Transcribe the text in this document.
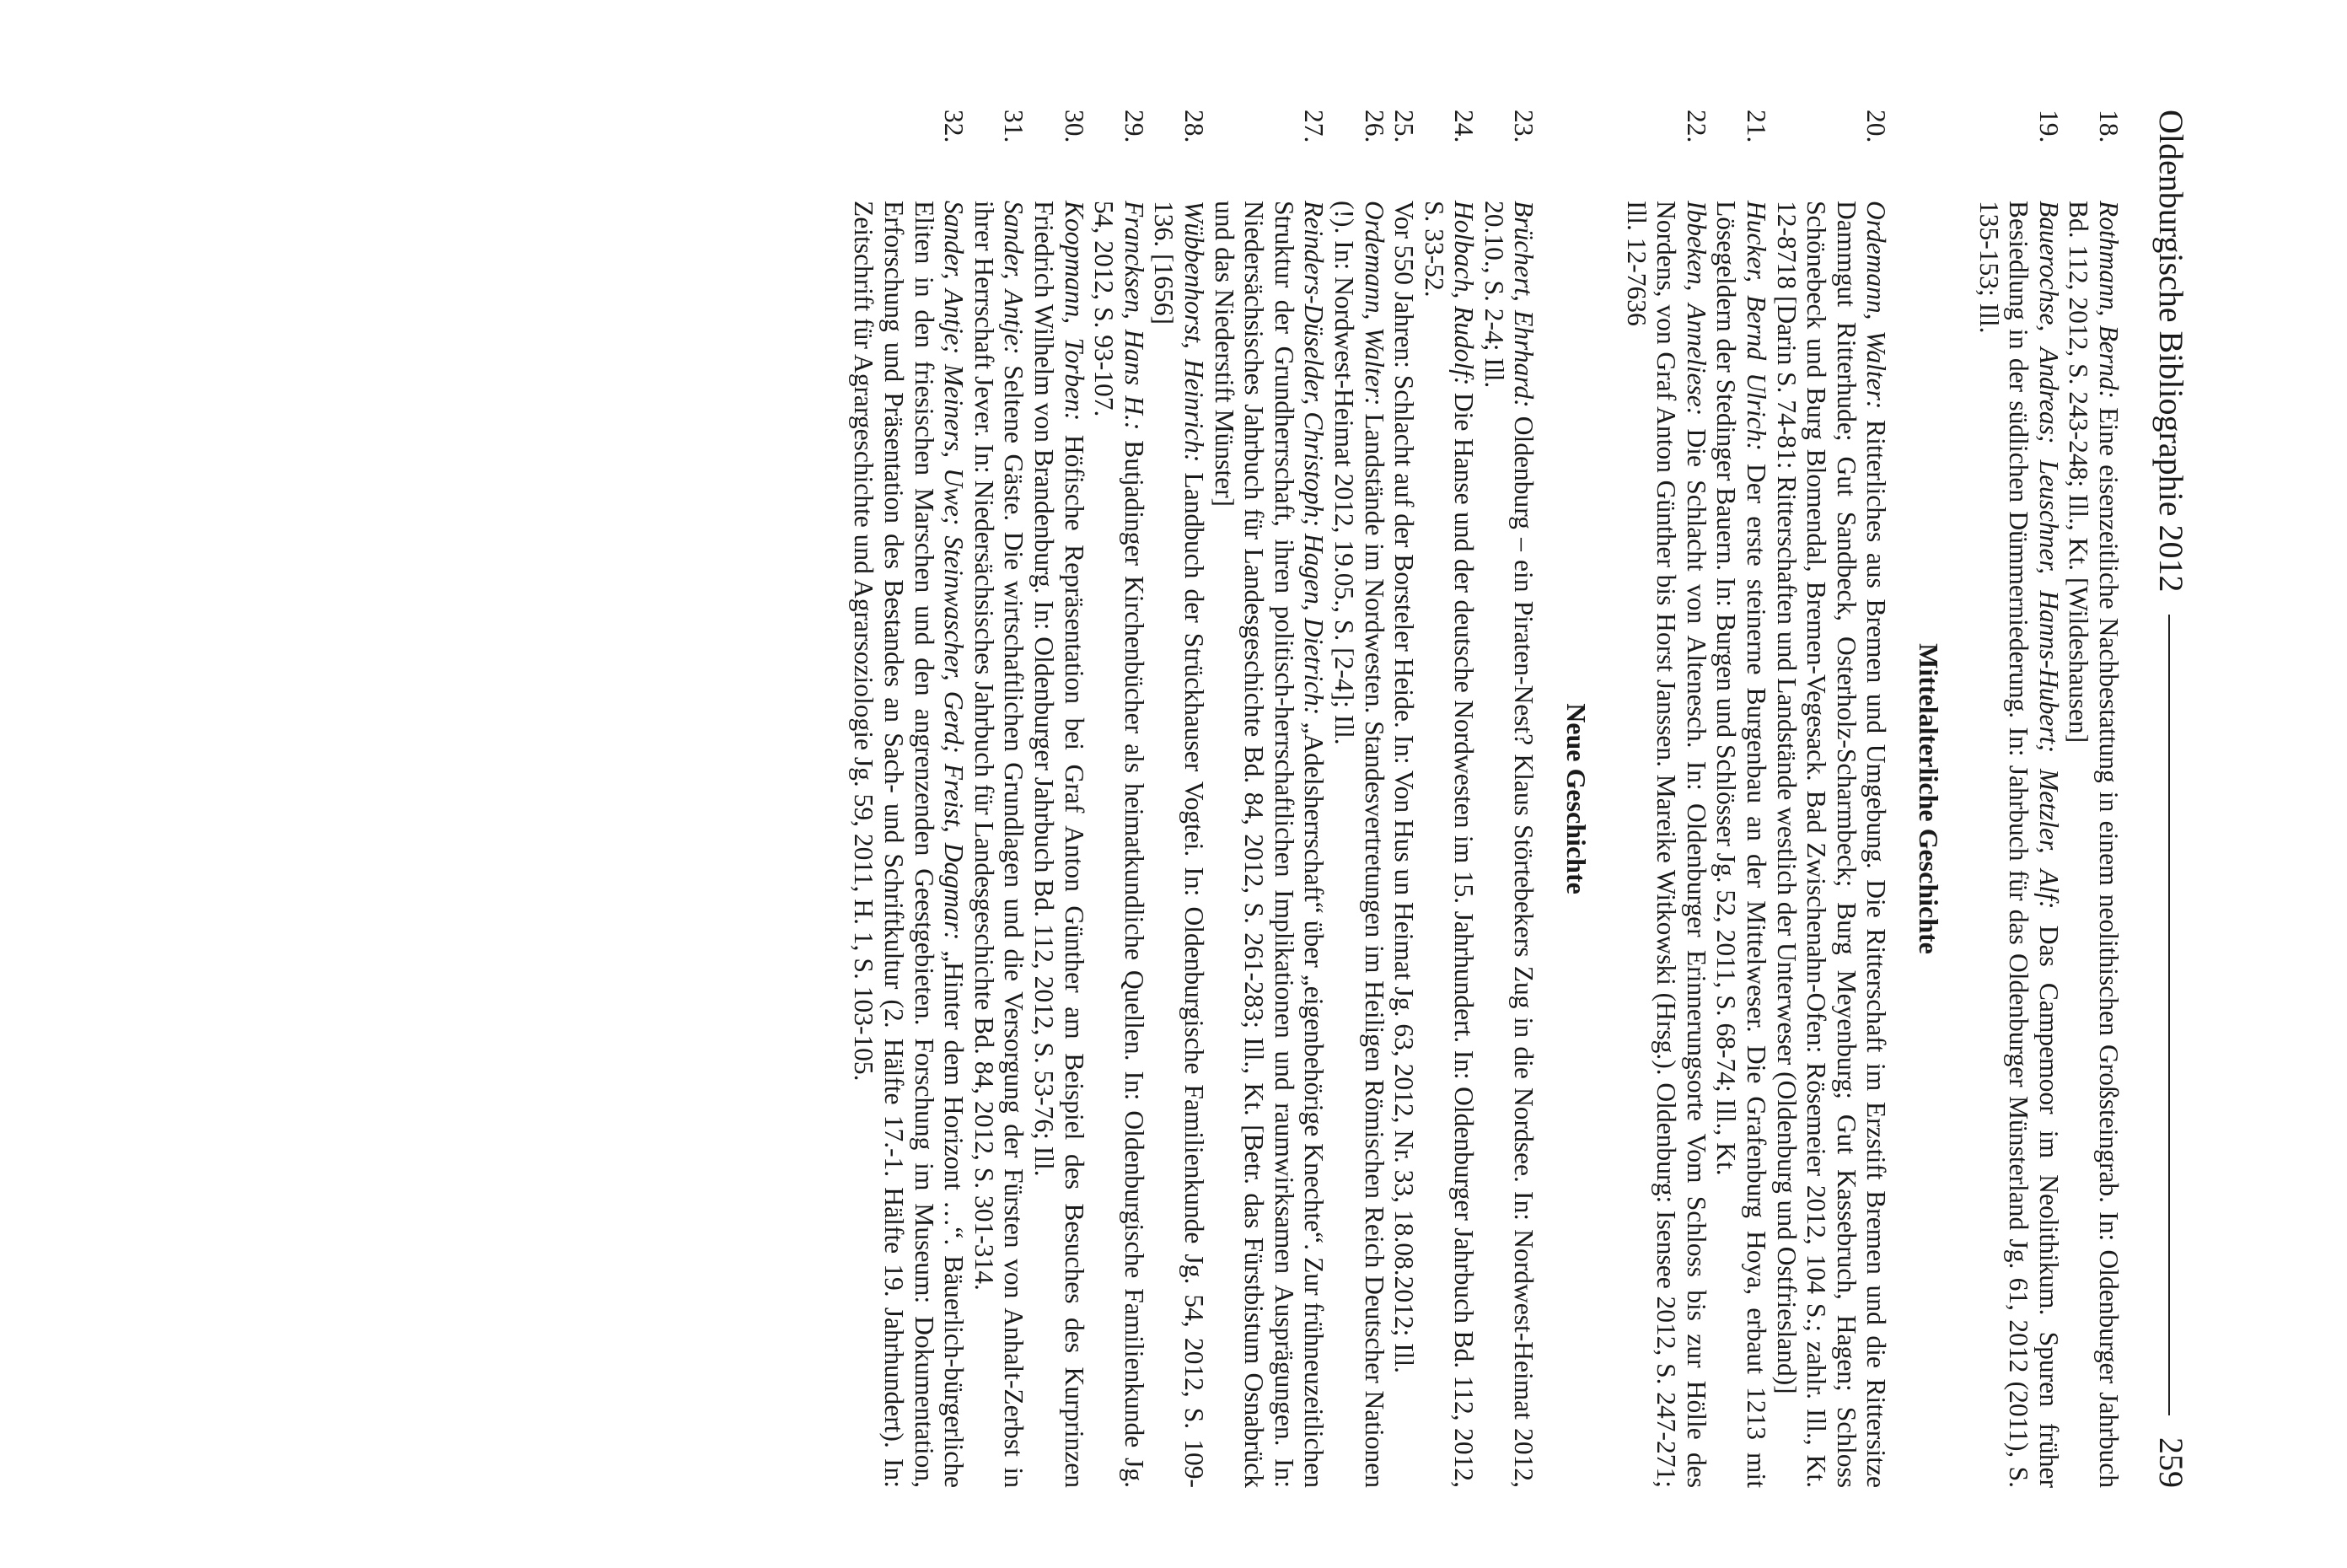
Oldenburgische Bibliographie 2012
259
18.
Rothmann, Bernd: Eine eisenzeitliche Nachbestattung in einem neolithischen Großsteingrab. In: Oldenburger Jahrbuch Bd. 112, 2012, S. 243-248; Ill., Kt. [Wildeshausen]
19.
Bauerochse, Andreas; Leuschner, Hanns-Hubert; Metzler, Alf: Das Campemoor im Neolithikum. Spuren früher Besiedlung in der südlichen Dümmerniederung. In: Jahrbuch für das Oldenburger Münsterland Jg. 61, 2012 (2011), S. 135-153; Ill.
Mittelalterliche Geschichte
20.
Ordemann, Walter: Ritterliches aus Bremen und Umgebung. Die Ritterschaft im Erzstift Bremen und die Rittersitze Dammgut Ritterhude; Gut Sandbeck, Osterholz-Scharmbeck; Burg Meyenburg; Gut Kassebruch, Hagen; Schloss Schönebeck und Burg Blomendal, Bremen-Vegesack. Bad Zwischenahn-Ofen: Rösemeier 2012, 104 S.; zahlr. Ill., Kt. 12-8718 [Darin S. 74-81: Ritterschaften und Landstände westlich der Unterweser (Oldenburg und Ostfriesland)]
21.
Hucker, Bernd Ulrich: Der erste steinerne Burgenbau an der Mittelweser. Die Grafenburg Hoya, erbaut 1213 mit Lösegeldern der Stedinger Bauern. In: Burgen und Schlösser Jg. 52, 2011, S. 68-74; Ill., Kt.
22.
Ibbeken, Anneliese: Die Schlacht von Altenesch. In: Oldenburger Erinnerungsorte Vom Schloss bis zur Hölle des Nordens, von Graf Anton Günther bis Horst Janssen. Mareike Witkowski (Hrsg.). Oldenburg: Isensee 2012, S. 247-271; Ill. 12-7636
Neue Geschichte
23.
Brüchert, Ehrhard: Oldenburg – ein Piraten-Nest? Klaus Störtebekers Zug in die Nordsee. In: Nordwest-Heimat 2012, 20.10., S. 2-4; Ill.
24.
Holbach, Rudolf: Die Hanse und der deutsche Nordwesten im 15. Jahrhundert. In: Oldenburger Jahrbuch Bd. 112, 2012, S. 33-52.
25.
Vor 550 Jahren: Schlacht auf der Borsteler Heide. In: Von Hus un Heimat Jg. 63, 2012, Nr. 33, 18.08.2012; Ill.
26.
Ordemann, Walter: Landstände im Nordwesten. Standesvertretungen im Heiligen Römischen Reich Deutscher Nationen (!). In: Nordwest-Heimat 2012, 19.05., S. [2-4]; Ill.
27.
Reinders-Düselder, Christoph; Hagen, Dietrich: „Adelsherrschaft“ über „eigenbehörige Knechte“. Zur frühneuzeitlichen Struktur der Grundherrschaft, ihren politisch-herrschaftlichen Implikationen und raumwirksamen Ausprägungen. In: Niedersächsisches Jahrbuch für Landesgeschichte Bd. 84, 2012, S. 261-283; Ill., Kt. [Betr. das Fürstbistum Osnabrück und das Niederstift Münster]
28.
Wübbenhorst, Heinrich: Landbuch der Strückhauser Vogtei. In: Oldenburgische Familienkunde Jg. 54, 2012, S. 109-136. [1656]
29.
Francksen, Hans H.: Butjadinger Kirchenbücher als heimatkundliche Quellen. In: Oldenburgische Familienkunde Jg. 54, 2012, S. 93-107.
30.
Koopmann, Torben: Höfische Repräsentation bei Graf Anton Günther am Beispiel des Besuches des Kurprinzen Friedrich Wilhelm von Brandenburg. In: Oldenburger Jahrbuch Bd. 112, 2012, S. 53-76; Ill.
31.
Sander, Antje: Seltene Gäste. Die wirtschaftlichen Grundlagen und die Versorgung der Fürsten von Anhalt-Zerbst in ihrer Herrschaft Jever. In: Niedersächsisches Jahrbuch für Landesgeschichte Bd. 84, 2012, S. 301-314.
32.
Sander, Antje; Meiners, Uwe; Steinwascher, Gerd; Freist, Dagmar: „Hinter dem Horizont …“. Bäuerlich-bürgerliche Eliten in den friesischen Marschen und den angrenzenden Geestgebieten. Forschung im Museum: Dokumentation, Erforschung und Präsentation des Bestandes an Sach- und Schriftkultur (2. Hälfte 17.-1. Hälfte 19. Jahrhundert). In: Zeitschrift für Agrargeschichte und Agrarsoziologie Jg. 59, 2011, H. 1, S. 103-105.
